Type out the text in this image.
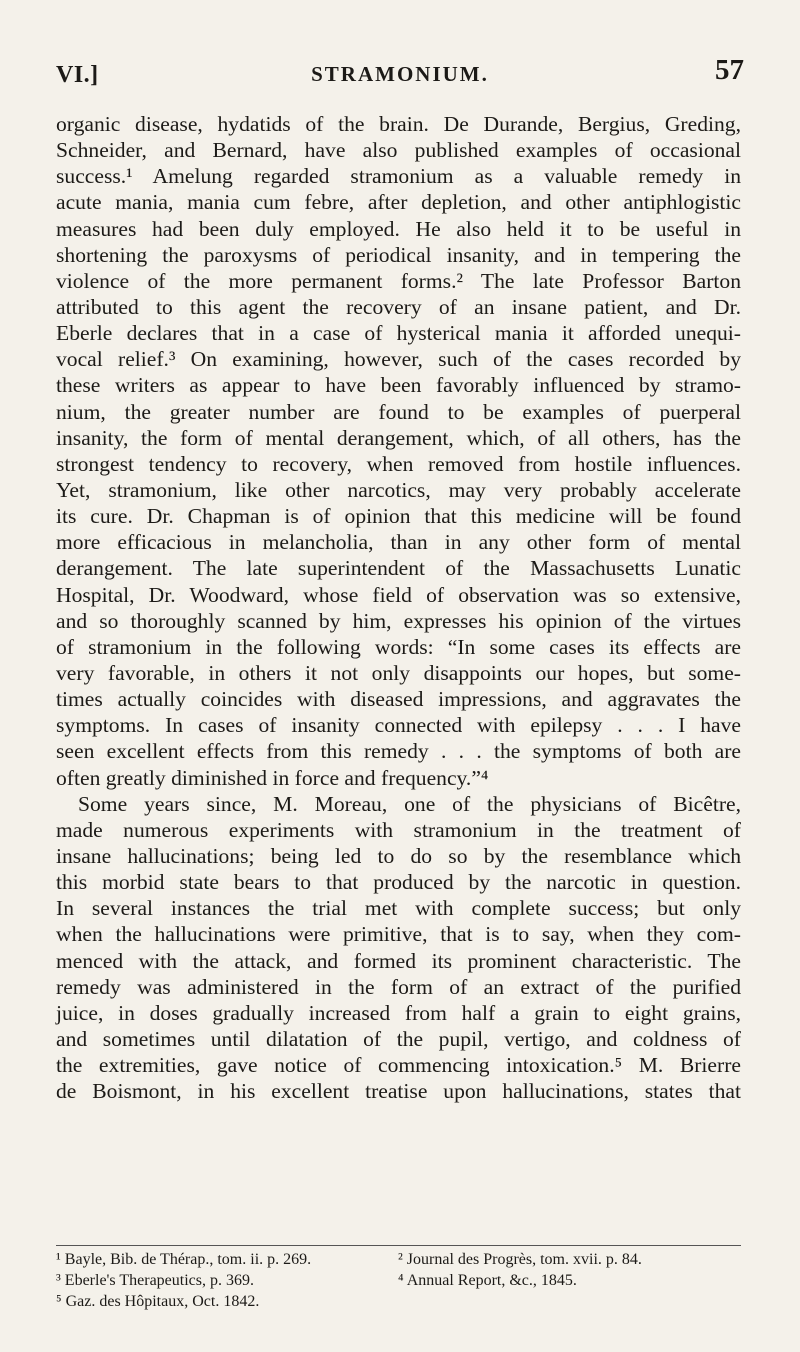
VI.]	STRAMONIUM.	57
organic disease, hydatids of the brain. De Durande, Bergius, Greding,
Schneider, and Bernard, have also published examples of occasional
success.¹ Amelung regarded stramonium as a valuable remedy in
acute mania, mania cum febre, after depletion, and other antiphlogistic
measures had been duly employed. He also held it to be useful in
shortening the paroxysms of periodical insanity, and in tempering the
violence of the more permanent forms.² The late Professor Barton
attributed to this agent the recovery of an insane patient, and Dr.
Eberle declares that in a case of hysterical mania it afforded unequi-
vocal relief.³ On examining, however, such of the cases recorded by
these writers as appear to have been favorably influenced by stramo-
nium, the greater number are found to be examples of puerperal
insanity, the form of mental derangement, which, of all others, has the
strongest tendency to recovery, when removed from hostile influences.
Yet, stramonium, like other narcotics, may very probably accelerate
its cure. Dr. Chapman is of opinion that this medicine will be found
more efficacious in melancholia, than in any other form of mental
derangement. The late superintendent of the Massachusetts Lunatic
Hospital, Dr. Woodward, whose field of observation was so extensive,
and so thoroughly scanned by him, expresses his opinion of the virtues
of stramonium in the following words: “In some cases its effects are
very favorable, in others it not only disappoints our hopes, but some-
times actually coincides with diseased impressions, and aggravates the
symptoms. In cases of insanity connected with epilepsy . . . I have
seen excellent effects from this remedy . . . the symptoms of both are
often greatly diminished in force and frequency.”⁴
Some years since, M. Moreau, one of the physicians of Bicêtre,
made numerous experiments with stramonium in the treatment of
insane hallucinations; being led to do so by the resemblance which
this morbid state bears to that produced by the narcotic in question.
In several instances the trial met with complete success; but only
when the hallucinations were primitive, that is to say, when they com-
menced with the attack, and formed its prominent characteristic. The
remedy was administered in the form of an extract of the purified
juice, in doses gradually increased from half a grain to eight grains,
and sometimes until dilatation of the pupil, vertigo, and coldness of
the extremities, gave notice of commencing intoxication.⁵ M. Brierre
de Boismont, in his excellent treatise upon hallucinations, states that
¹ Bayle, Bib. de Thérap., tom. ii. p. 269.	² Journal des Progrès, tom. xvii. p. 84.
³ Eberle's Therapeutics, p. 369.	⁴ Annual Report, &c., 1845.
⁵ Gaz. des Hôpitaux, Oct. 1842.
